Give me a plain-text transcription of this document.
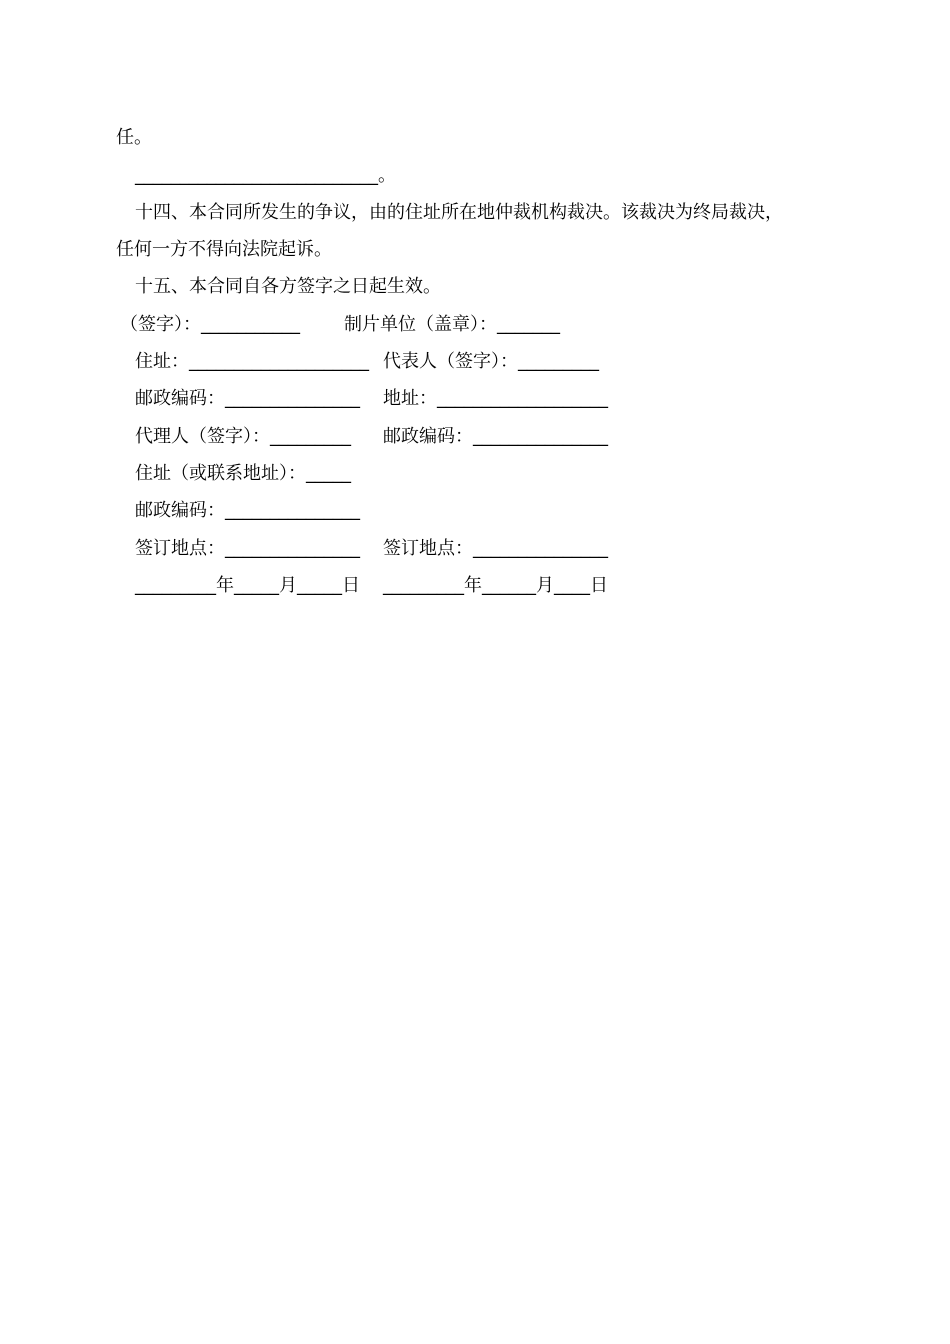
任。
___________________________。
十四、本合同所发生的争议，由的住址所在地仲裁机构裁决。该裁决为终局裁决，
任何一方不得向法院起诉。
十五、本合同自各方签字之日起生效。
（签字）：___________ 制片单位（盖章）：_______
住址：____________________ 代表人（签字）：_________
邮政编码：_______________ 地址：___________________
代理人（签字）：_________ 邮政编码：_______________
住址（或联系地址）：_____
邮政编码：_______________
签订地点：_______________ 签订地点：_______________
_________年_____月_____日 _________年______月____日
